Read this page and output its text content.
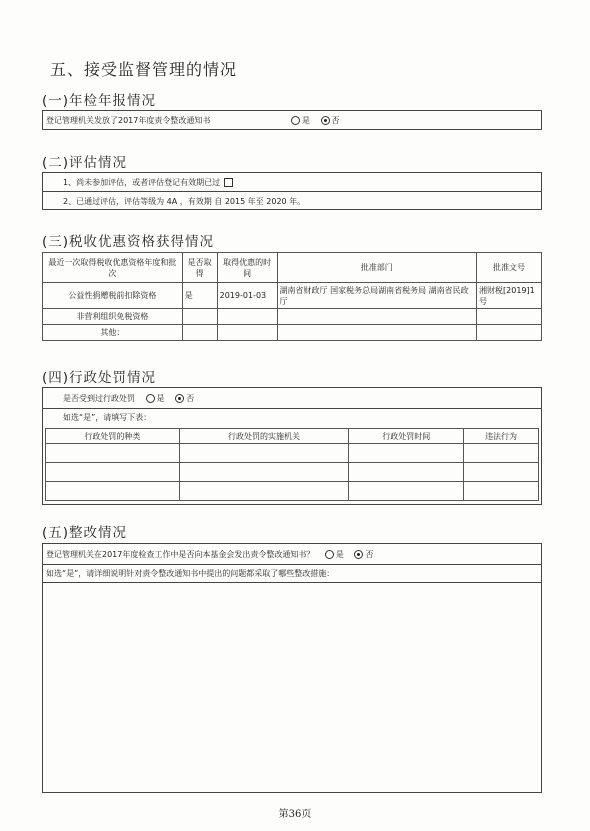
五、接受监督管理的情况
(一)年检年报情况
登记管理机关发放了2017年度责令整改通知书	是	否
(二)评估情况
1、尚未参加评估，或者评估登记有效期已过
2、已通过评估，评估等级为 4A ，有效期 自 2015 年至 2020 年。
(三)税收优惠资格获得情况
最近一次取得税收优惠资格年度和批次	是否取得	取得优惠的时间	批准部门	批准文号
公益性捐赠税前扣除资格	是	2019-01-03	湖南省财政厅 国家税务总局湖南省税务局 湖南省民政厅	湘财税[2019]1号
非营利组织免税资格				
其他：				
(四)行政处罚情况
是否受到过行政处罚	是	否
如选“是”，请填写下表：
行政处罚的种类	行政处罚的实施机关	行政处罚时间	违法行为

(五)整改情况
登记管理机关在2017年度检查工作中是否向本基金会发出责令整改通知书？	是	否
如选“是”，请详细说明针对责令整改通知书中提出的问题都采取了哪些整改措施：
第36页
